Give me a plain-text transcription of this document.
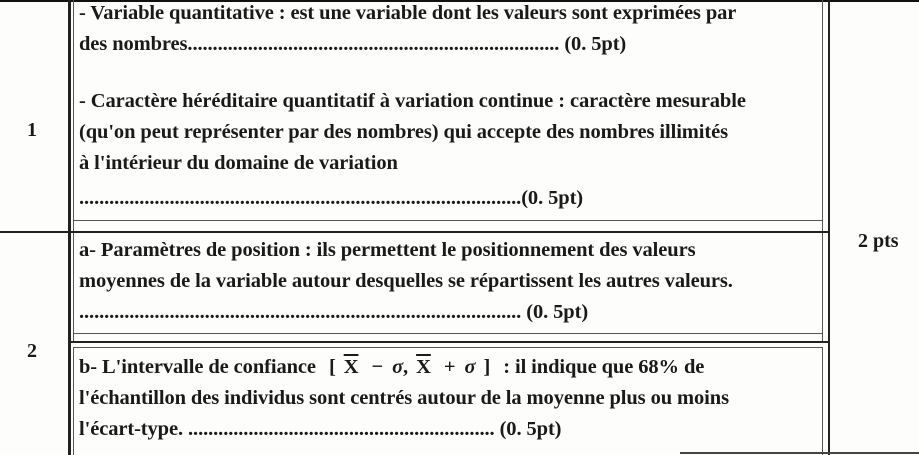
1
2
2 pts
- Variable quantitative : est une variable dont les valeurs sont exprimées par
des nombres.......................................................................... (0. 5pt)
- Caractère héréditaire quantitatif à variation continue : caractère mesurable
(qu'on peut représenter par des nombres) qui accepte des nombres illimités
à l'intérieur du domaine de variation
........................................................................................(0. 5pt)
a- Paramètres de position : ils permettent le positionnement des valeurs
moyennes de la variable autour desquelles se répartissent les autres valeurs.
........................................................................................ (0. 5pt)
b- L'intervalle de confiance [ $\overline{X} - \sigma$, $\overline{X} + \sigma$ ] : il indique que 68% de
l'échantillon des individus sont centrés autour de la moyenne plus ou moins
l'écart-type. ............................................................. (0. 5pt)
